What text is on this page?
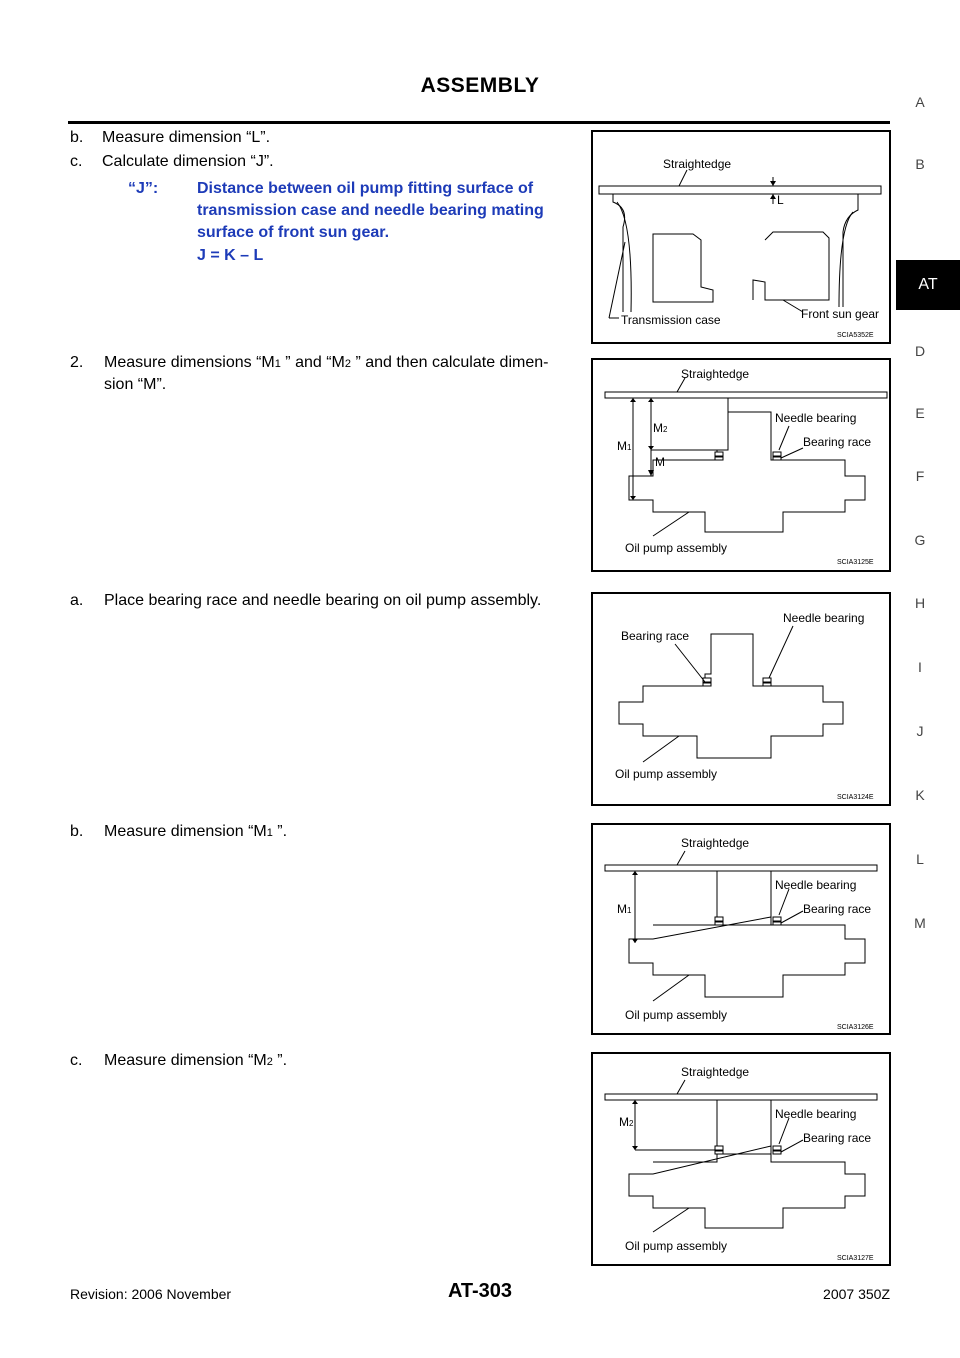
ASSEMBLY
A
B
AT
D
E
F
G
H
I
J
K
L
M
b. Measure dimension “L”.
c. Calculate dimension “J”.
“J”: Distance between oil pump fitting surface of
transmission case and needle bearing mating
surface of front sun gear.
J = K – L
2. Measure dimensions “M1 ” and “M2 ” and then calculate dimen-
sion “M”.
a. Place bearing race and needle bearing on oil pump assembly.
b. Measure dimension “M1 ”.
c. Measure dimension “M2 ”.
Straightedge
L
Transmission case	Front sun gear
SCIA5352E
Straightedge
Needle bearing
Bearing race
M1
M2
M
Oil pump assembly
SCIA3125E
Bearing race
Needle bearing
Oil pump assembly
SCIA3124E
Straightedge
Needle bearing
Bearing race
M1
Oil pump assembly
SCIA3126E
Straightedge
Needle bearing
Bearing race
M2
Oil pump assembly
SCIA3127E
Revision: 2006 November	AT-303	2007 350Z
